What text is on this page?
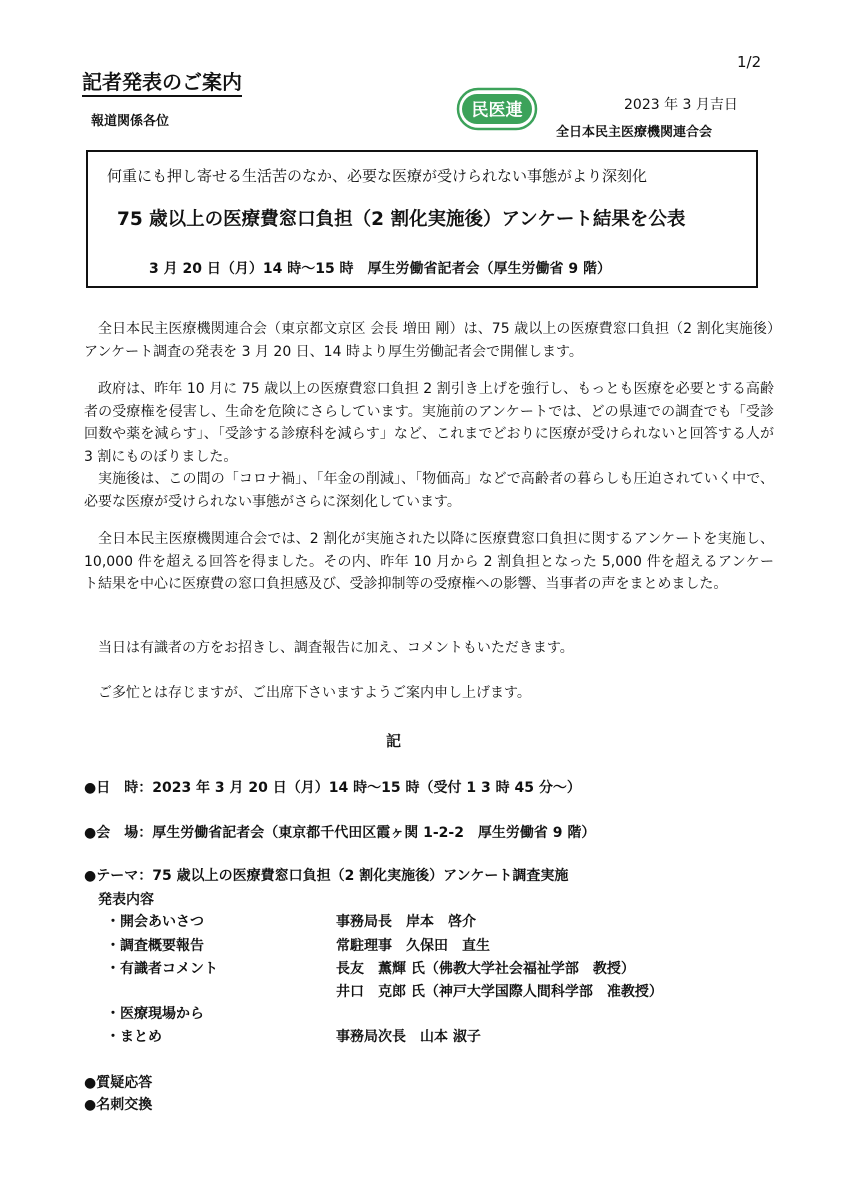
1/2
記者発表のご案内
報道関係各位
民医連	2023 年 3 月吉日
全日本民主医療機関連合会
何重にも押し寄せる生活苦のなか、必要な医療が受けられない事態がより深刻化
75 歳以上の医療費窓口負担（2 割化実施後）アンケート結果を公表
3 月 20 日（月）14 時～15 時　厚生労働省記者会（厚生労働省 9 階）

全日本民主医療機関連合会（東京都文京区 会長 増田 剛）は、75 歳以上の医療費窓口負担（2 割化実施後）アンケート調査の発表を 3 月 20 日、14 時より厚生労働記者会で開催します。

政府は、昨年 10 月に 75 歳以上の医療費窓口負担 2 割引き上げを強行し、もっとも医療を必要とする高齢者の受療権を侵害し、生命を危険にさらしています。実施前のアンケートでは、どの県連での調査でも「受診回数や薬を減らす」、「受診する診療科を減らす」など、これまでどおりに医療が受けられないと回答する人が 3 割にものぼりました。

実施後は、この間の「コロナ禍」、「年金の削減」、「物価高」などで高齢者の暮らしも圧迫されていく中で、必要な医療が受けられない事態がさらに深刻化しています。

全日本民主医療機関連合会では、2 割化が実施された以降に医療費窓口負担に関するアンケートを実施し、10,000 件を超える回答を得ました。その内、昨年 10 月から 2 割負担となった 5,000 件を超えるアンケート結果を中心に医療費の窓口負担感及び、受診抑制等の受療権への影響、当事者の声をまとめました。

当日は有識者の方をお招きし、調査報告に加え、コメントもいただきます。

ご多忙とは存じますが、ご出席下さいますようご案内申し上げます。

記
●日　時：2023 年 3 月 20 日（月）14 時～15 時（受付 1 3 時 45 分～）
●会　場：厚生労働省記者会（東京都千代田区霞ヶ関 1-2-2　厚生労働省 9 階）
●テーマ：75 歳以上の医療費窓口負担（2 割化実施後）アンケート調査実施
発表内容
・開会あいさつ	事務局長　岸本　啓介
・調査概要報告	常駐理事　久保田　直生
・有識者コメント	長友　薫輝 氏（佛教大学社会福祉学部　教授）
井口　克郎 氏（神戸大学国際人間科学部　准教授）
・医療現場から
・まとめ	事務局次長　山本 淑子
●質疑応答
●名刺交換
